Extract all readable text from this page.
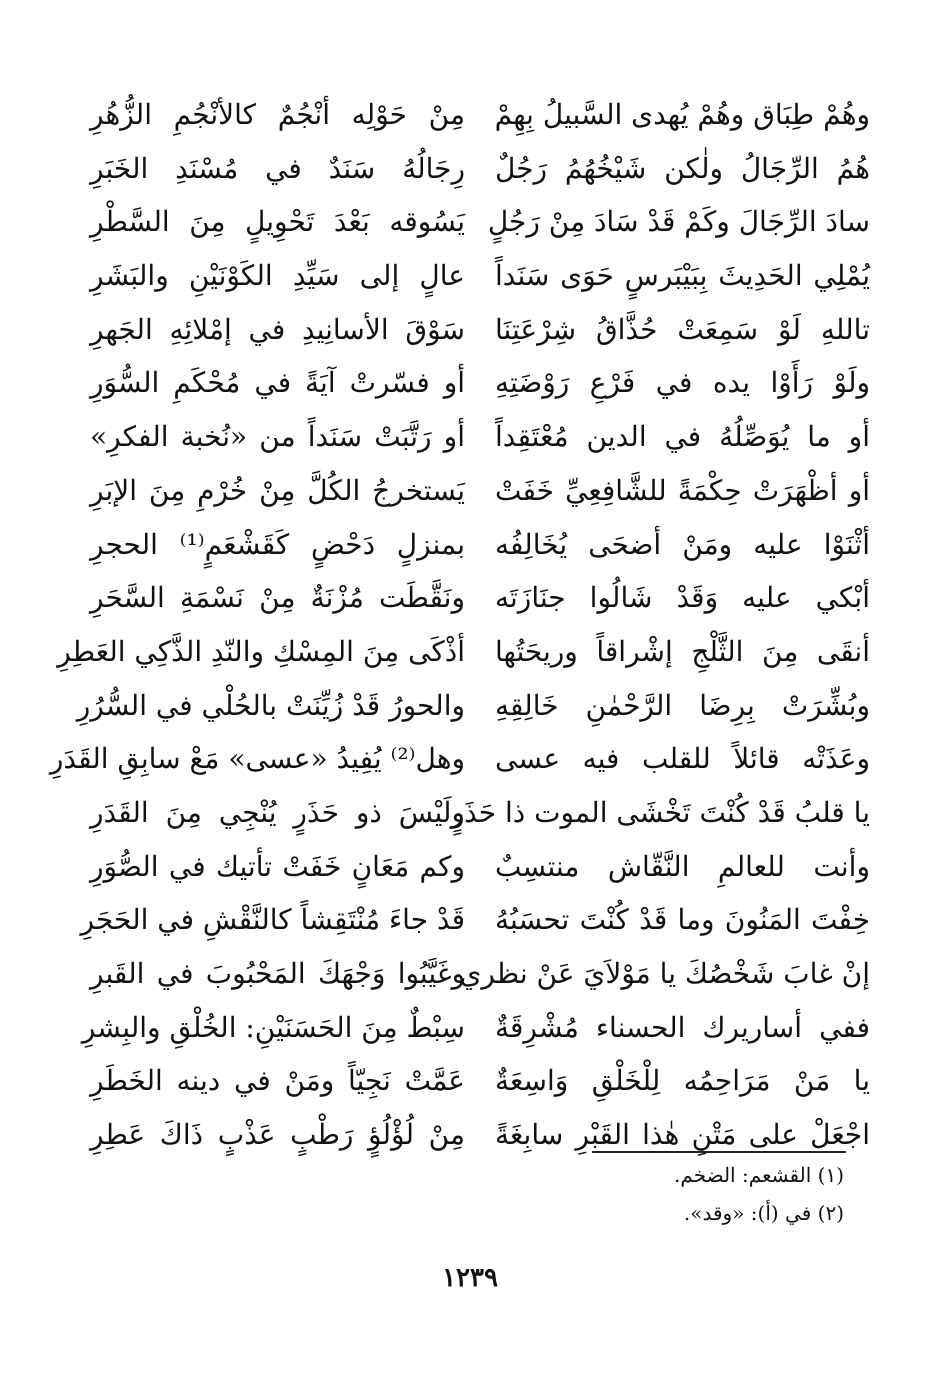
وهُمْ طِبَاق وهُمْ يُهدى السَّبيلُ بِهِمْ
مِنْ حَوْلِه أنْجُمٌ كالأنْجُمِ الزُّهُرِ
هُمُ الرِّجَالُ ولٰكن شَيْخُهُمُ رَجُلٌ
رِجَالُهُ سَنَدٌ في مُسْنَدِ الخَبَرِ
سادَ الرِّجَالَ وكَمْ قَدْ سَادَ مِنْ رَجُلٍ
يَسُوقه بَعْدَ تَحْوِيلٍ مِنَ السَّطْرِ
يُمْلِي الحَدِيثَ بِبَيْبَرسٍ حَوَى سَنَداً
عالٍ إلى سَيِّدِ الكَوْنَيْنِ والبَشَرِ
تاللهِ لَوْ سَمِعَتْ حُذَّاقُ شِرْعَتِنَا
سَوْقَ الأسانِيدِ في إمْلائِهِ الجَهرِ
ولَوْ رَأَوْا يده في فَرْعِ رَوْضَتِهِ
أو فسّرتْ آيَةً في مُحْكَمِ السُّوَرِ
أو ما يُوَصِّلُهُ في الدين مُعْتَقِداً
أو رَتَّبَتْ سَنَداً من «نُخبة الفكرِ»
أو أظْهَرَتْ حِكْمَةً للشَّافِعِيِّ خَفَتْ
يَستخرجُ الكُلَّ مِنْ خُرْمِ مِنَ الإبَرِ
أثْنَوْا عليه ومَنْ أضحَى يُخَالِفُه
بمنزلٍ دَحْضٍ كَقَشْعَمٍ⁽¹⁾ الحجرِ
أبْكي عليه وَقَدْ شَالُوا جنَازَتَه
ونَقَّطَت مُزْنَةٌ مِنْ نَسْمَةِ السَّحَرِ
أنقَى مِنَ الثَّلْجِ إشْراقاً وريحَتُها
أذْكَى مِنَ المِسْكِ والنّدِ الذَّكِي العَطِرِ
وبُشِّرَتْ بِرِضَا الرَّحْمٰنِ خَالِقِهِ
والحورُ قَدْ زُيِّنَتْ بالحُلْي في السُّرُرِ
وعَذَتْه قائلاً للقلب فيه عسى
وهل⁽²⁾ يُفِيدُ «عسى» مَعْ سابِقِ القَدَرِ
يا قلبُ قَدْ كُنْتَ تَخْشَى الموت ذا حَذَرٍ
ولَيْسَ ذو حَذَرٍ يُنْجِي مِنَ القَدَرِ
وأنت للعالمِ النَّقّاش منتسِبٌ
وكم مَعَانٍ خَفَتْ تأتيك في الصُّوَرِ
خِفْتَ المَنُونَ وما قَدْ كُنْتَ تحسَبُهُ
قَدْ جاءَ مُنْتَقِشاً كالنَّقْشِ في الحَجَرِ
إنْ غابَ شَخْصُكَ يا مَوْلاَيَ عَنْ نظري
وغَيَّبُوا وَجْهَكَ المَحْبُوبَ في القَبرِ
ففي أساريرك الحسناء مُشْرِقَةٌ
سِبْطٌ مِنَ الحَسَنَيْنِ: الخُلْقِ والبِشرِ
يا مَنْ مَرَاحِمُه لِلْخَلْقِ وَاسِعَةٌ
عَمَّتْ نَجِيّاً ومَنْ في دينه الخَطَرِ
اجْعَلْ على مَتْنِ هٰذا القَبْرِ سابِغَةً
مِنْ لُؤْلُؤٍ رَطْبٍ عَذْبٍ ذَاكَ عَطِرِ
(١) القشعم: الضخم.
(٢) في (أ): «وقد».
١٢٣٩
